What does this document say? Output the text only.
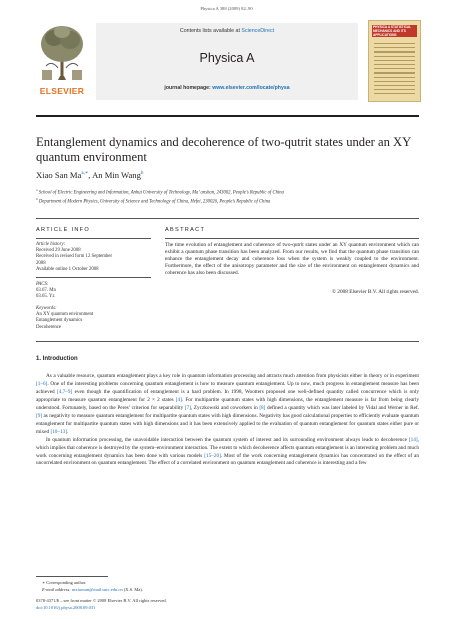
Physica A 388 (2009) 82–90
ELSEVIER
Contents lists available at ScienceDirect
Physica A
journal homepage: www.elsevier.com/locate/physa
PHYSICA A STATISTICAL MECHANICS AND ITS APPLICATIONS
Entanglement dynamics and decoherence of two-qutrit states under an XY quantum environment
Xiao San $Ma^{a,∗}$, An Min Wang$^b$
$^a$ School of Electric Engineering and Information, Anhui University of Technology, Ma’ anshan, 243002, People’s Republic of China
$^b$ Department of Modern Physics, University of Science and Technology of China, Hefei, 230026, People’s Republic of China
ARTICLE INFO	ABSTRACT
Article history:
Received 29 June 2008
Received in revised form 12 September
2008
Available online 1 October 2008
PACS:
03.67. Mn
03.65. Yz
Keywords:
An XY quantum environment
Entanglement dynamics
Decoherence
The time evolution of entanglement and coherence of two-qutrit states under an XY quantum environment which can exhibit a quantum phase transition has been analyzed. From our results, we find that the quantum phase transition can enhance the entanglement decay and coherence loss when the system is weakly coupled to the environment. Furthermore, the effect of the anisotropy parameter and the size of the environment on entanglement dynamics and coherence has also been discussed.
© 2008 Elsevier B.V. All rights reserved.
1. Introduction

As a valuable resource, quantum entanglement plays a key role in quantum information processing and attracts much attention from physicists either in theory or in experiment [1–6]. One of the interesting problems concerning quantum entanglement is how to measure quantum entanglement. Up to now, much progress in entanglement measure has been achieved [4,7–9] even though the quantification of entanglement is a hard problem. In 1998, Wootters proposed one well-defined quantity called concurrence which is only appropriate to measure quantum entanglement for 2 × 2 states [4]. For multipartite quantum states with high dimensions, the entanglement measure is far from being clearly understood. Fortunately, based on the Peres’ criterion for separability [7], Zyczkowski and coworkers in [8] defined a quantity which was later labeled by Vidal and Werner in Ref. [9] as negativity to measure quantum entanglement for multipartite quantum states with high dimensions. Negativity has good calculational properties to efficiently evaluate quantum entanglement for multipartite quantum states with high dimensions and it has been extensively applied to the evaluation of quantum entanglement for quantum states either pure or mixed [10–13].

In quantum information processing, the unavoidable interaction between the quantum system of interest and its surrounding environment always leads to decoherence [14], which implies that coherence is destroyed by the system–environment interaction. The extent to which decoherence affects quantum entanglement is an interesting problem and much work concerning entanglement dynamics has been done with various models [15–20]. Most of the work concerning entanglement dynamics has concentrated on the effect of an uncorrelated environment on quantum entanglement. The effect of a correlated environment on quantum entanglement and coherence is interesting and a few

∗ Corresponding author.
E-mail address: mxiaosan@mail.ustc.edu.cn (X.S. Ma).
0378-4371/$ – see front matter © 2008 Elsevier B.V. All rights reserved.
doi:10.1016/j.physa.2008.09.031
